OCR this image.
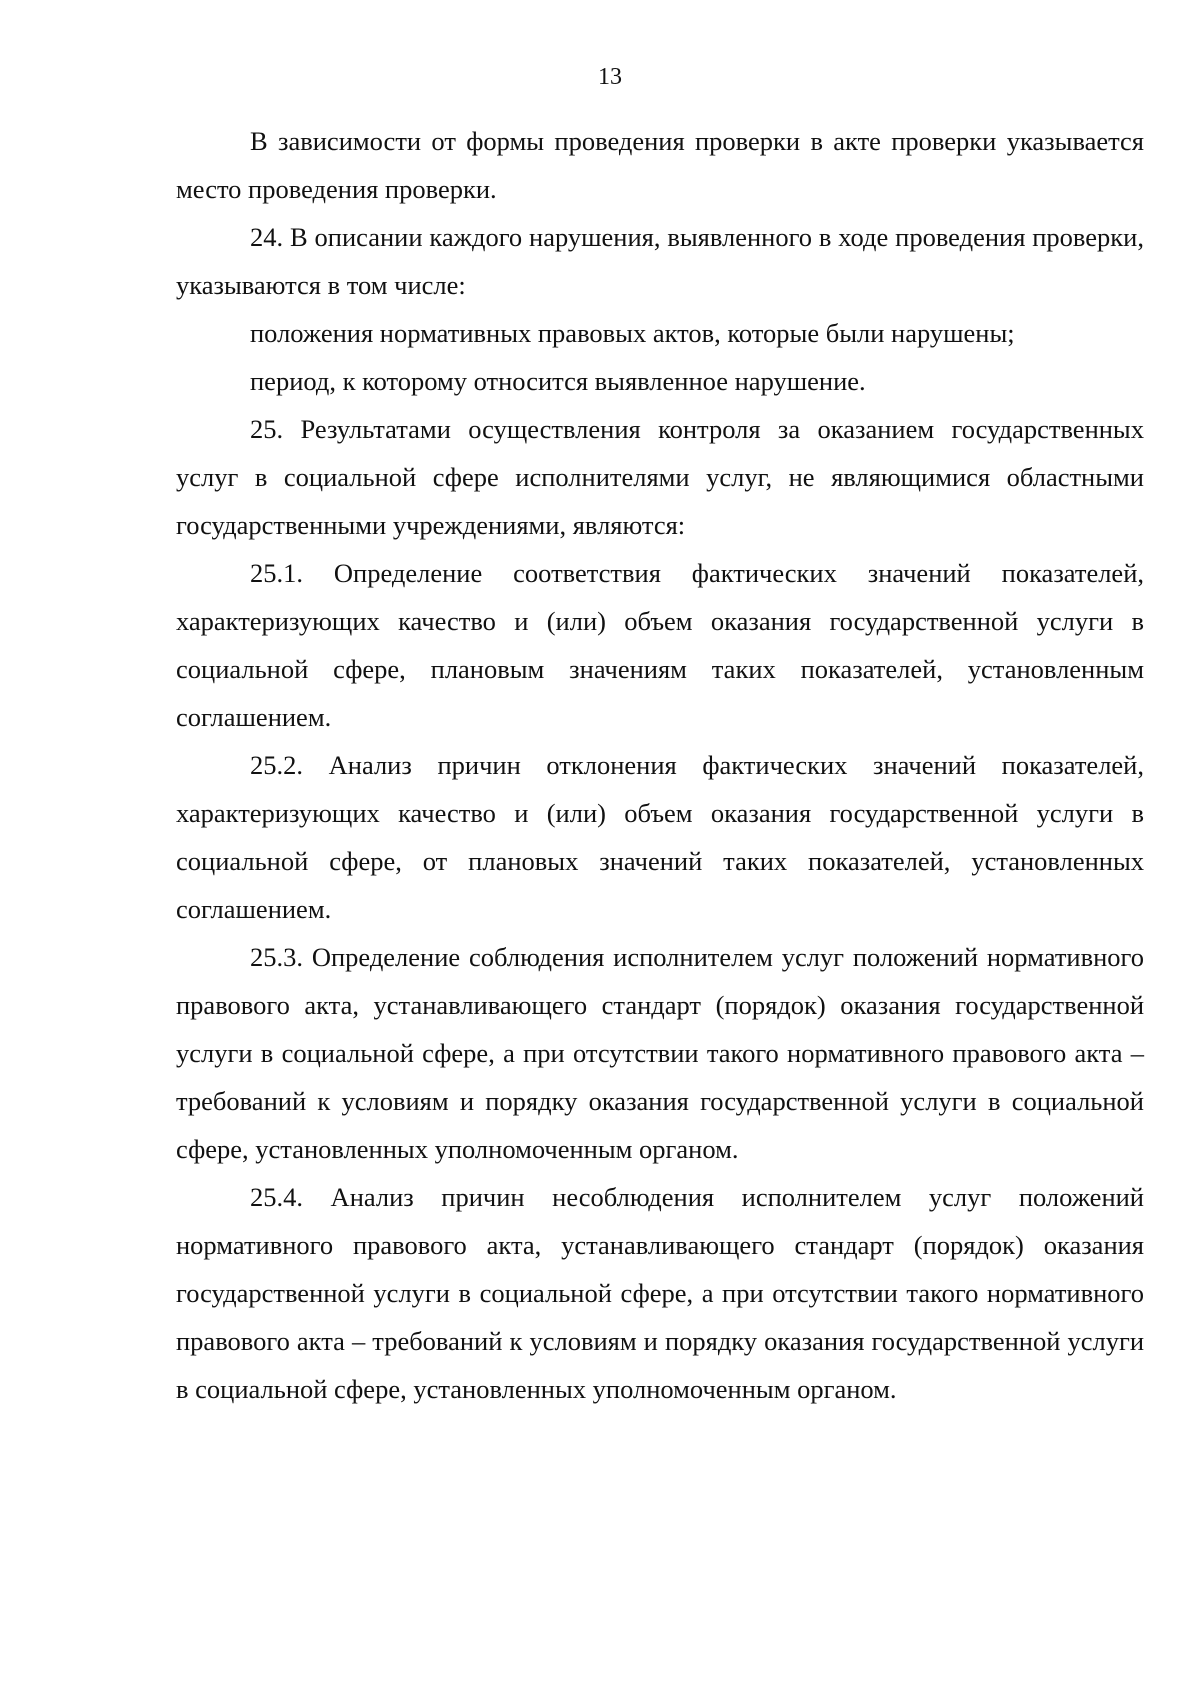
13

В зависимости от формы проведения проверки в акте проверки указывается место проведения проверки.

24. В описании каждого нарушения, выявленного в ходе проведения проверки, указываются в том числе:

положения нормативных правовых актов, которые были нарушены;

период, к которому относится выявленное нарушение.

25. Результатами осуществления контроля за оказанием государственных услуг в социальной сфере исполнителями услуг, не являющимися областными государственными учреждениями, являются:

25.1. Определение соответствия фактических значений показателей, характеризующих качество и (или) объем оказания государственной услуги в социальной сфере, плановым значениям таких показателей, установленным соглашением.

25.2. Анализ причин отклонения фактических значений показателей, характеризующих качество и (или) объем оказания государственной услуги в социальной сфере, от плановых значений таких показателей, установленных соглашением.

25.3. Определение соблюдения исполнителем услуг положений нормативного правового акта, устанавливающего стандарт (порядок) оказания государственной услуги в социальной сфере, а при отсутствии такого нормативного правового акта – требований к условиям и порядку оказания государственной услуги в социальной сфере, установленных уполномоченным органом.

25.4. Анализ причин несоблюдения исполнителем услуг положений нормативного правового акта, устанавливающего стандарт (порядок) оказания государственной услуги в социальной сфере, а при отсутствии такого нормативного правового акта – требований к условиям и порядку оказания государственной услуги в социальной сфере, установленных уполномоченным органом.
